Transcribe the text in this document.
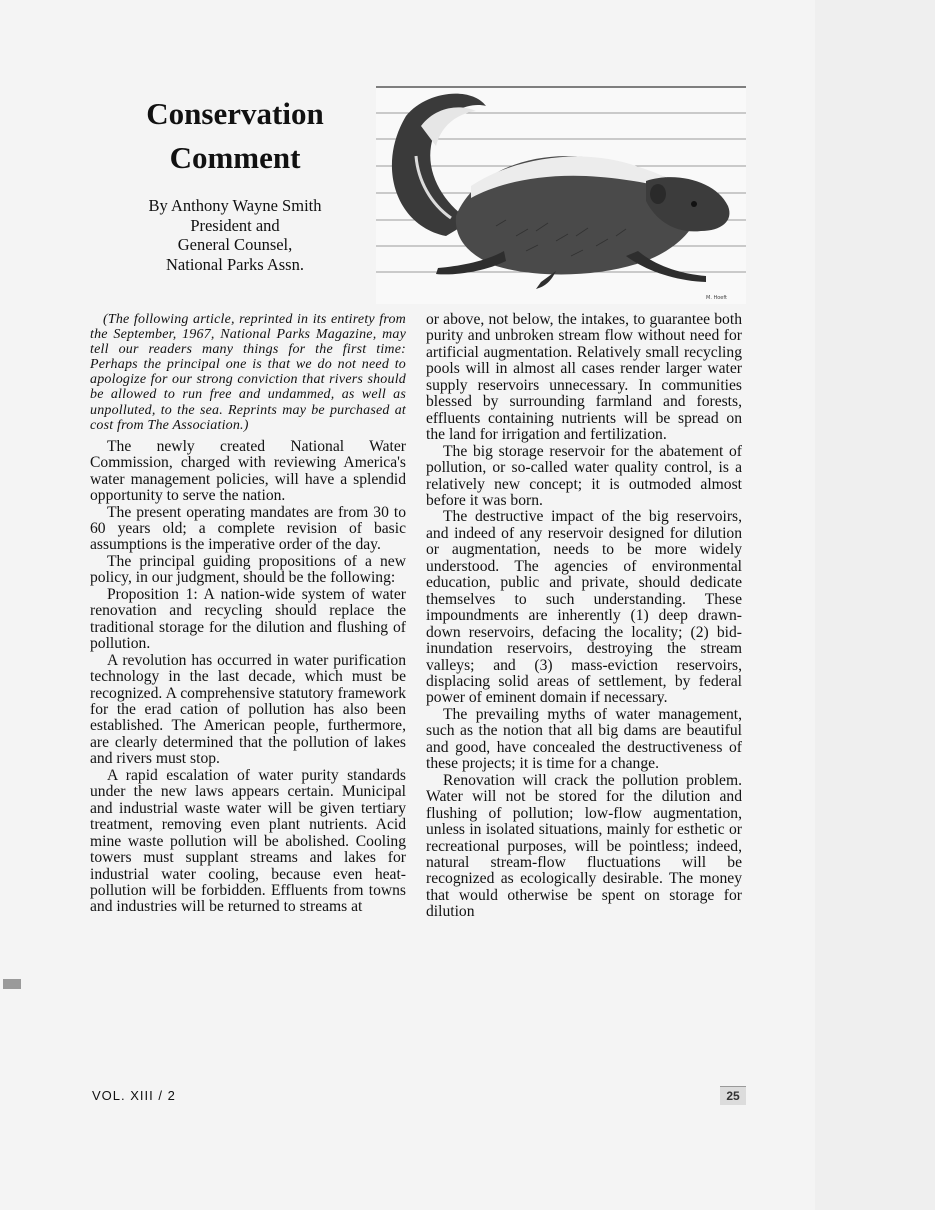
Conservation
Comment
By Anthony Wayne Smith
President and
General Counsel,
National Parks Assn.
M. Hoeft

(The following article, reprinted in its entirety from the September, 1967, National Parks Magazine, may tell our readers many things for the first time: Perhaps the principal one is that we do not need to apologize for our strong conviction that rivers should be allowed to run free and undammed, as well as unpolluted, to the sea. Reprints may be purchased at cost from The Association.)

The newly created National Water Commission, charged with reviewing America's water management policies, will have a splendid opportunity to serve the nation.

The present operating mandates are from 30 to 60 years old; a complete revision of basic assumptions is the imperative order of the day.

The principal guiding propositions of a new policy, in our judgment, should be the following:

Proposition 1: A nation-wide system of water renovation and recycling should replace the traditional storage for the dilution and flushing of pollution.

A revolution has occurred in water purification technology in the last decade, which must be recognized. A comprehensive statutory framework for the erad cation of pollution has also been established. The American people, furthermore, are clearly determined that the pollution of lakes and rivers must stop.

A rapid escalation of water purity standards under the new laws appears certain. Municipal and industrial waste water will be given tertiary treatment, removing even plant nutrients. Acid mine waste pollution will be abolished. Cooling towers must supplant streams and lakes for industrial water cooling, because even heat-pollution will be forbidden. Effluents from towns and industries will be returned to streams at

or above, not below, the intakes, to guarantee both purity and unbroken stream flow without need for artificial augmentation. Relatively small recycling pools will in almost all cases render larger water supply reservoirs unnecessary. In communities blessed by surrounding farmland and forests, effluents containing nutrients will be spread on the land for irrigation and fertilization.

The big storage reservoir for the abatement of pollution, or so-called water quality control, is a relatively new concept; it is outmoded almost before it was born.

The destructive impact of the big reservoirs, and indeed of any reservoir designed for dilution or augmentation, needs to be more widely understood. The agencies of environmental education, public and private, should dedicate themselves to such understanding. These impoundments are inherently (1) deep drawn-down reservoirs, defacing the locality; (2) bid-inundation reservoirs, destroying the stream valleys; and (3) mass-eviction reservoirs, displacing solid areas of settlement, by federal power of eminent domain if necessary.

The prevailing myths of water management, such as the notion that all big dams are beautiful and good, have concealed the destructiveness of these projects; it is time for a change.

Renovation will crack the pollution problem. Water will not be stored for the dilution and flushing of pollution; low-flow augmentation, unless in isolated situations, mainly for esthetic or recreational purposes, will be pointless; indeed, natural stream-flow fluctuations will be recognized as ecologically desirable. The money that would otherwise be spent on storage for dilution

VOL. XIII / 2	25
